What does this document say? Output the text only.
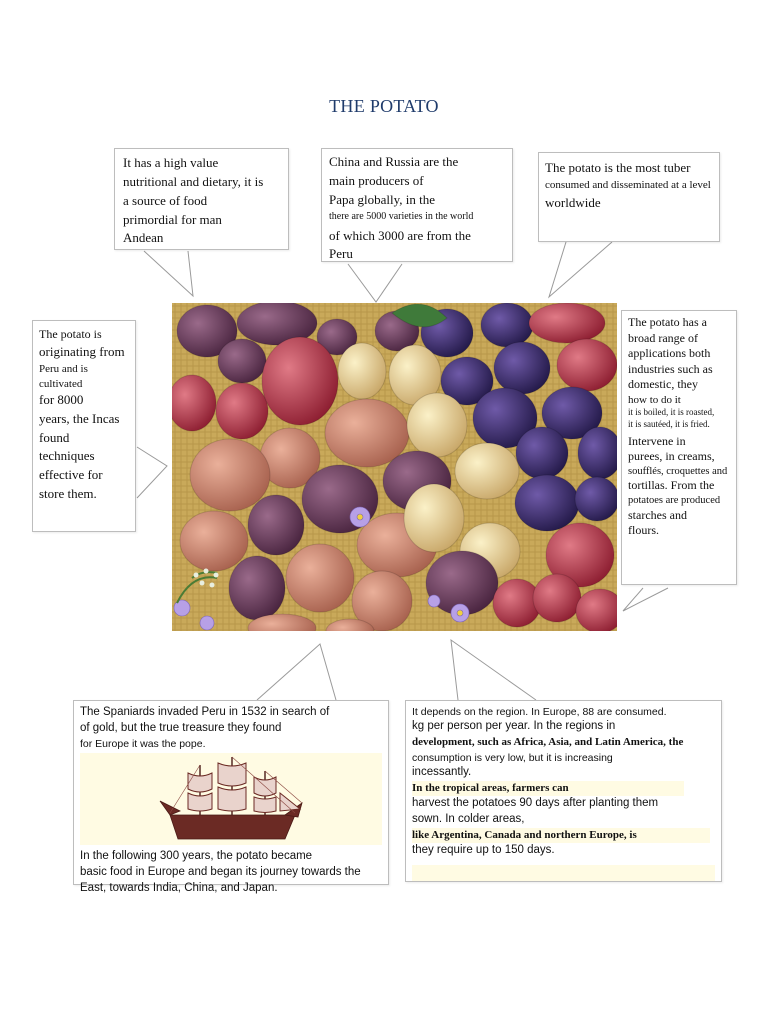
THE POTATO
It has a high value
nutritional and dietary, it is
a source of food
primordial for man
Andean
China and Russia are the
main producers of
Papa globally, in the
there are 5000 varieties in the world
of which 3000 are from the
Peru
The potato is the most tuber
consumed and disseminated at a level
worldwide
The potato is
originating from
Peru and is cultivated
for 8000
years, the Incas
found
techniques
effective for
store them.
The potato has a
broad range of
applications both
industries such as
domestic, they
how to do it
it is boiled, it is roasted,
it is sautéed, it is fried.
Intervene in
purees, in creams,
soufflés, croquettes and
tortillas. From the
potatoes are produced
starches and
flours.
The Spaniards invaded Peru in 1532 in search of
of gold, but the true treasure they found
for Europe it was the pope.
In the following 300 years, the potato became
basic food in Europe and began its journey towards the
East, towards India, China, and Japan.
It depends on the region. In Europe, 88 are consumed.
kg per person per year. In the regions in
development, such as Africa, Asia, and Latin America, the
consumption is very low, but it is increasing
incessantly.
In the tropical areas, farmers can
harvest the potatoes 90 days after planting them
sown. In colder areas,
like Argentina, Canada and northern Europe, is
they require up to 150 days.
